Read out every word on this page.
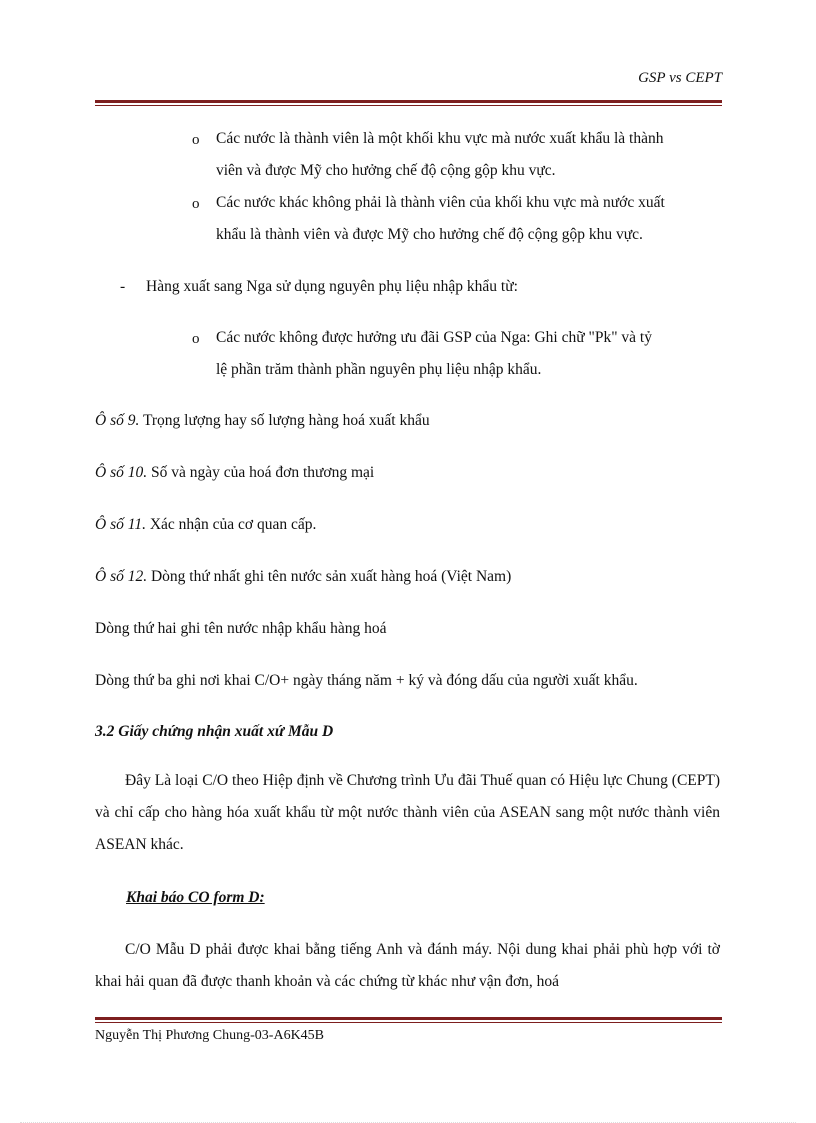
GSP vs CEPT
o Các nước là thành viên là một khối khu vực mà nước xuất khẩu là thành
viên và được Mỹ cho hưởng chế độ cộng gộp khu vực.
o Các nước khác không phải là thành viên của khối khu vực mà nước xuất
khẩu là thành viên và được Mỹ cho hưởng chế độ cộng gộp khu vực.
- Hàng xuất sang Nga sử dụng nguyên phụ liệu nhập khẩu từ:
o Các nước không được hưởng ưu đãi GSP của Nga: Ghi chữ "Pk" và tỷ
lệ phần trăm thành phần nguyên phụ liệu nhập khẩu.
Ô số 9. Trọng lượng hay số lượng hàng hoá xuất khẩu
Ô số 10. Số và ngày của hoá đơn thương mại
Ô số 11. Xác nhận của cơ quan cấp.
Ô số 12. Dòng thứ nhất ghi tên nước sản xuất hàng hoá (Việt Nam)
Dòng thứ hai ghi tên nước nhập khẩu hàng hoá
Dòng thứ ba ghi nơi khai C/O+ ngày tháng năm + ký và đóng dấu của người xuất khẩu.
3.2 Giấy chứng nhận xuất xứ Mẫu D
Đây Là loại C/O theo Hiệp định về Chương trình Ưu đãi Thuế quan có Hiệu lực Chung (CEPT) và chỉ cấp cho hàng hóa xuất khẩu từ một nước thành viên của ASEAN sang một nước thành viên ASEAN khác.
Khai báo CO form D:
C/O Mẫu D phải được khai bằng tiếng Anh và đánh máy. Nội dung khai phải phù hợp với tờ khai hải quan đã được thanh khoản và các chứng từ khác như vận đơn, hoá
Nguyễn Thị Phương Chung-03-A6K45B
